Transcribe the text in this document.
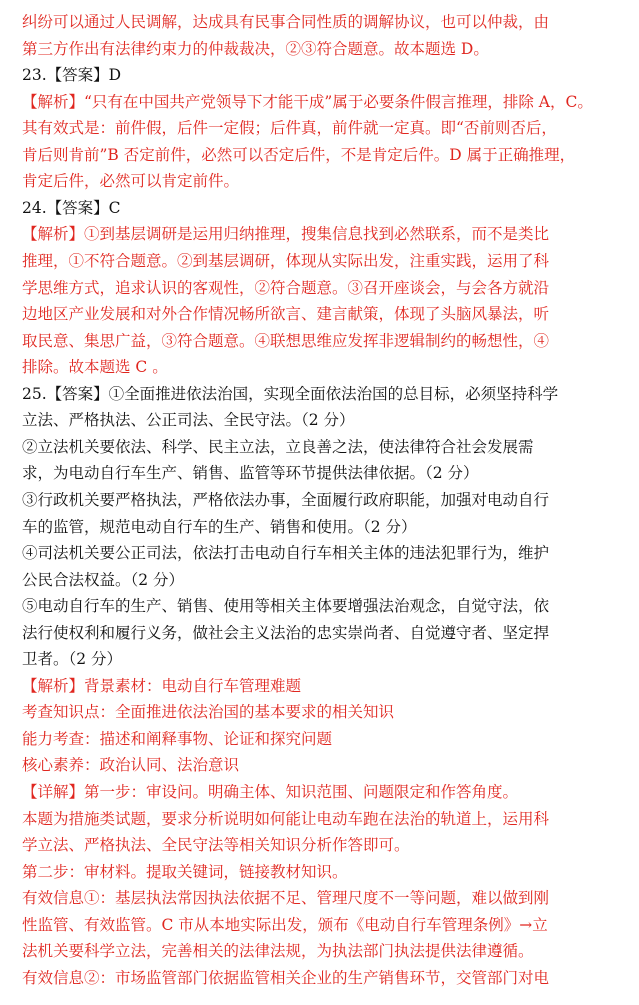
纠纷可以通过人民调解，达成具有民事合同性质的调解协议，也可以仲裁，由
第三方作出有法律约束力的仲裁裁决，②③符合题意。故本题选 D。
23.【答案】D
【解析】“只有在中国共产党领导下才能干成”属于必要条件假言推理，排除 A，C。
其有效式是：前件假，后件一定假；后件真，前件就一定真。即“否前则否后，
肯后则肯前”B 否定前件，必然可以否定后件，不是肯定后件。D 属于正确推理，
肯定后件，必然可以肯定前件。
24.【答案】C
【解析】①到基层调研是运用归纳推理，搜集信息找到必然联系，而不是类比
推理，①不符合题意。②到基层调研，体现从实际出发，注重实践，运用了科
学思维方式，追求认识的客观性，②符合题意。③召开座谈会，与会各方就沿
边地区产业发展和对外合作情况畅所欲言、建言献策，体现了头脑风暴法，听
取民意、集思广益，③符合题意。④联想思维应发挥非逻辑制约的畅想性，④
排除。故本题选 C 。
25.【答案】①全面推进依法治国，实现全面依法治国的总目标，必须坚持科学
立法、严格执法、公正司法、全民守法。（2 分）
②立法机关要依法、科学、民主立法，立良善之法，使法律符合社会发展需
求，为电动自行车生产、销售、监管等环节提供法律依据。（2 分）
③行政机关要严格执法，严格依法办事，全面履行政府职能，加强对电动自行
车的监管，规范电动自行车的生产、销售和使用。（2 分）
④司法机关要公正司法，依法打击电动自行车相关主体的违法犯罪行为，维护
公民合法权益。（2 分）
⑤电动自行车的生产、销售、使用等相关主体要增强法治观念，自觉守法，依
法行使权利和履行义务，做社会主义法治的忠实崇尚者、自觉遵守者、坚定捍
卫者。（2 分）
【解析】背景素材：电动自行车管理难题
考查知识点：全面推进依法治国的基本要求的相关知识
能力考查：描述和阐释事物、论证和探究问题
核心素养：政治认同、法治意识
【详解】第一步：审设问。明确主体、知识范围、问题限定和作答角度。
本题为措施类试题，要求分析说明如何能让电动车跑在法治的轨道上，运用科
学立法、严格执法、全民守法等相关知识分析作答即可。
第二步：审材料。提取关键词，链接教材知识。
有效信息①：基层执法常因执法依据不足、管理尺度不一等问题，难以做到刚
性监管、有效监管。C 市从本地实际出发，颁布《电动自行车管理条例》→立
法机关要科学立法，完善相关的法律法规，为执法部门执法提供法律遵循。
有效信息②：市场监管部门依据监管相关企业的生产销售环节，交管部门对电
